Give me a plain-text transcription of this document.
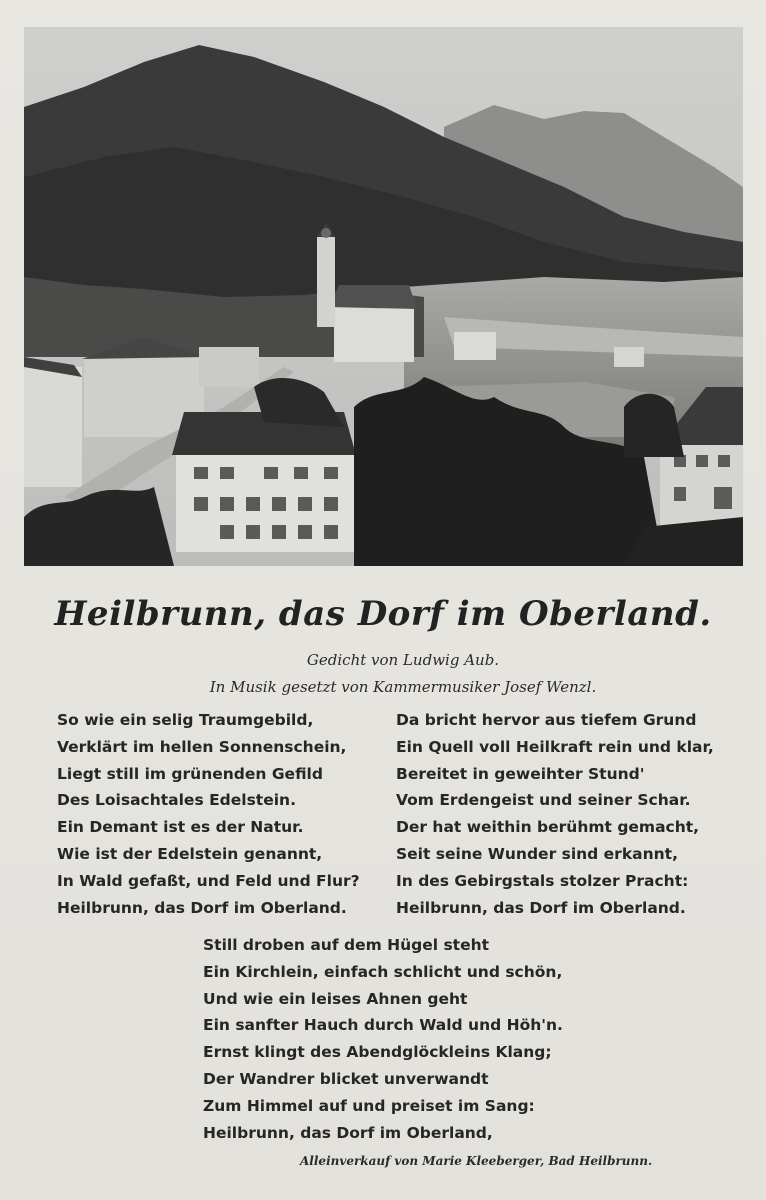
Heilbrunn, das Dorf im Oberland.
Gedicht von Ludwig Aub.
In Musik gesetzt von Kammermusiker Josef Wenzl.
So wie ein selig Traumgebild,
Verklärt im hellen Sonnenschein,
Liegt still im grünenden Gefild
Des Loisachtales Edelstein.
Ein Demant ist es der Natur.
Wie ist der Edelstein genannt,
In Wald gefaßt, und Feld und Flur?
Heilbrunn, das Dorf im Oberland.
Da bricht hervor aus tiefem Grund
Ein Quell voll Heilkraft rein und klar,
Bereitet in geweihter Stund'
Vom Erdengeist und seiner Schar.
Der hat weithin berühmt gemacht,
Seit seine Wunder sind erkannt,
In des Gebirgstals stolzer Pracht:
Heilbrunn, das Dorf im Oberland.
Still droben auf dem Hügel steht
Ein Kirchlein, einfach schlicht und schön,
Und wie ein leises Ahnen geht
Ein sanfter Hauch durch Wald und Höh'n.
Ernst klingt des Abendglöckleins Klang;
Der Wandrer blicket unverwandt
Zum Himmel auf und preiset im Sang:
Heilbrunn, das Dorf im Oberland,
Alleinverkauf von Marie Kleeberger, Bad Heilbrunn.
